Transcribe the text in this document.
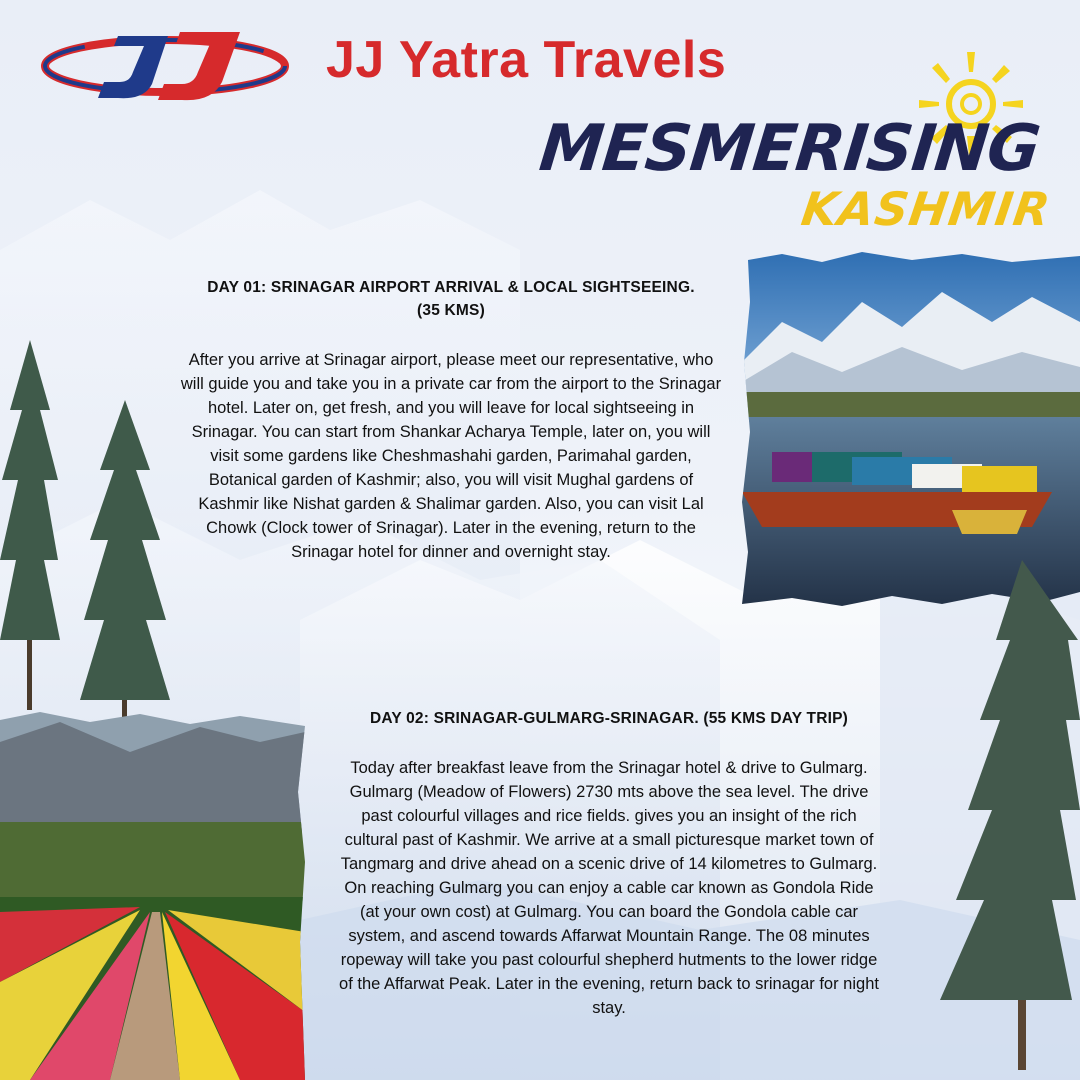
JJ Yatra Travels
MESMERISING
KASHMIR
DAY 01: SRINAGAR AIRPORT ARRIVAL & LOCAL SIGHTSEEING.
(35 KMS)

After you arrive at Srinagar airport, please meet our representative, who will guide you and take you in a private car from the airport to the Srinagar hotel. Later on, get fresh, and you will leave for local sightseeing in Srinagar. You can start from Shankar Acharya Temple, later on, you will visit some gardens like Cheshmashahi garden, Parimahal garden, Botanical garden of Kashmir; also, you will visit Mughal gardens of Kashmir like Nishat garden & Shalimar garden. Also, you can visit Lal Chowk (Clock tower of Srinagar). Later in the evening, return to the Srinagar hotel for dinner and overnight stay.

DAY 02: SRINAGAR-GULMARG-SRINAGAR. (55 KMS DAY TRIP)

Today after breakfast leave from the Srinagar hotel & drive to Gulmarg. Gulmarg (Meadow of Flowers) 2730 mts above the sea level. The drive past colourful villages and rice fields. gives you an insight of the rich cultural past of Kashmir. We arrive at a small picturesque market town of Tangmarg and drive ahead on a scenic drive of 14 kilometres to Gulmarg. On reaching Gulmarg you can enjoy a cable car known as Gondola Ride (at your own cost) at Gulmarg. You can board the Gondola cable car system, and ascend towards Affarwat Mountain Range. The 08 minutes ropeway will take you past colourful shepherd hutments to the lower ridge of the Affarwat Peak. Later in the evening, return back to srinagar for night stay.
